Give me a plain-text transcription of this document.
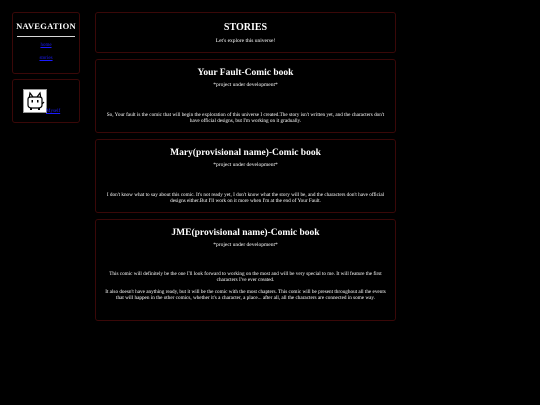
NAVEGATION
home
stories
Myself
STORIES
Let's explore this universe!
Your Fault-Comic book
*project under development*
So, Your fault is the comic that will begin the exploration of this universe I created.The story isn't written yet, and the characters don't have official designs, but I'm working on it gradually.
Mary(provisional name)-Comic book
*project under development*
I don't know what to say about this comic. It's not ready yet, I don't know what the story will be, and the characters don't have official designs either.But I'll work on it more when I'm at the end of Your Fault.
JME(provisional name)-Comic book
*project under development*
This comic will definitely be the one I'll look forward to working on the most and will be very special to me. It will feature the first characters I've ever created.
It also doesn't have anything ready, but it will be the comic with the most chapters. This comic will be present throughout all the events that will happen in the other comics, whether it's a character, a place... after all, all the characters are connected in some way.
